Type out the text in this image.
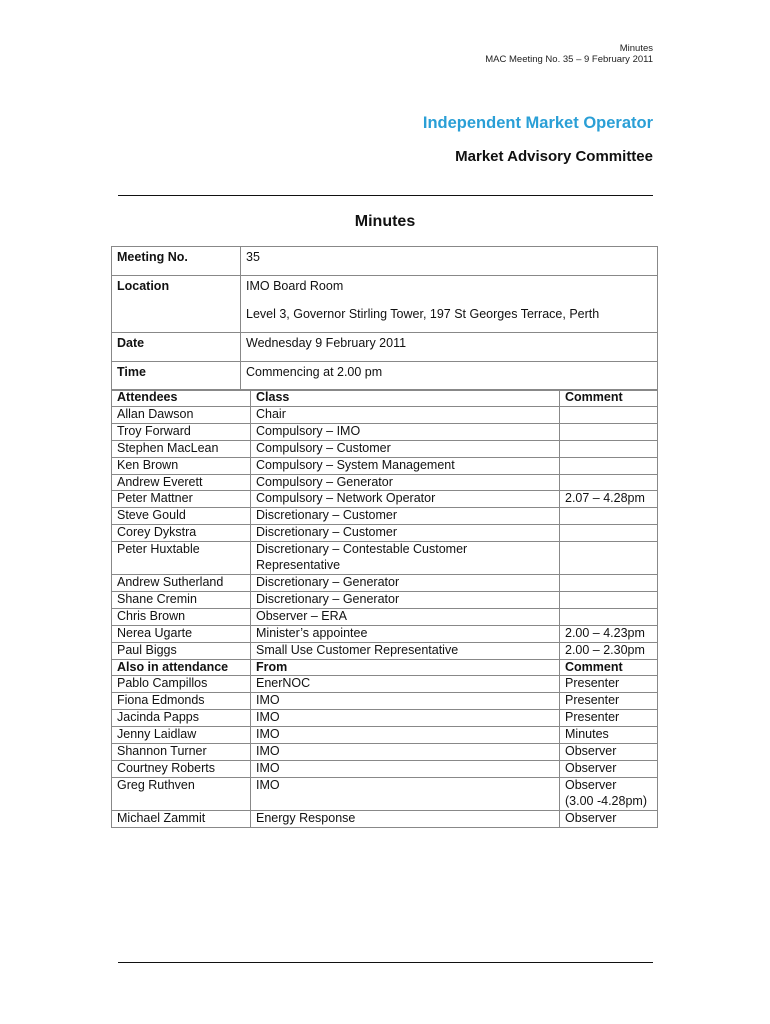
Minutes
MAC Meeting No. 35 – 9 February 2011
Independent Market Operator
Market Advisory Committee
Minutes
Meeting No.	35
Location	IMO Board Room
	Level 3, Governor Stirling Tower, 197 St Georges Terrace, Perth
Date	Wednesday 9 February 2011
Time	Commencing at 2.00 pm
Attendees	Class	Comment
Allan Dawson	Chair	
Troy Forward	Compulsory – IMO	
Stephen MacLean	Compulsory – Customer	
Ken Brown	Compulsory – System Management	
Andrew Everett	Compulsory – Generator	
Peter Mattner	Compulsory – Network Operator	2.07 – 4.28pm
Steve Gould	Discretionary – Customer	
Corey Dykstra	Discretionary – Customer	
Peter Huxtable	Discretionary – Contestable Customer
Representative	
Andrew Sutherland	Discretionary – Generator	
Shane Cremin	Discretionary – Generator	
Chris Brown	Observer – ERA	
Nerea Ugarte	Minister’s appointee	2.00 – 4.23pm
Paul Biggs	Small Use Customer Representative	2.00 – 2.30pm
Also in attendance	From	Comment
Pablo Campillos	EnerNOC	Presenter
Fiona Edmonds	IMO	Presenter
Jacinda Papps	IMO	Presenter
Jenny Laidlaw	IMO	Minutes
Shannon Turner	IMO	Observer
Courtney Roberts	IMO	Observer
Greg Ruthven	IMO	Observer
(3.00 -4.28pm)
Michael Zammit	Energy Response	Observer
